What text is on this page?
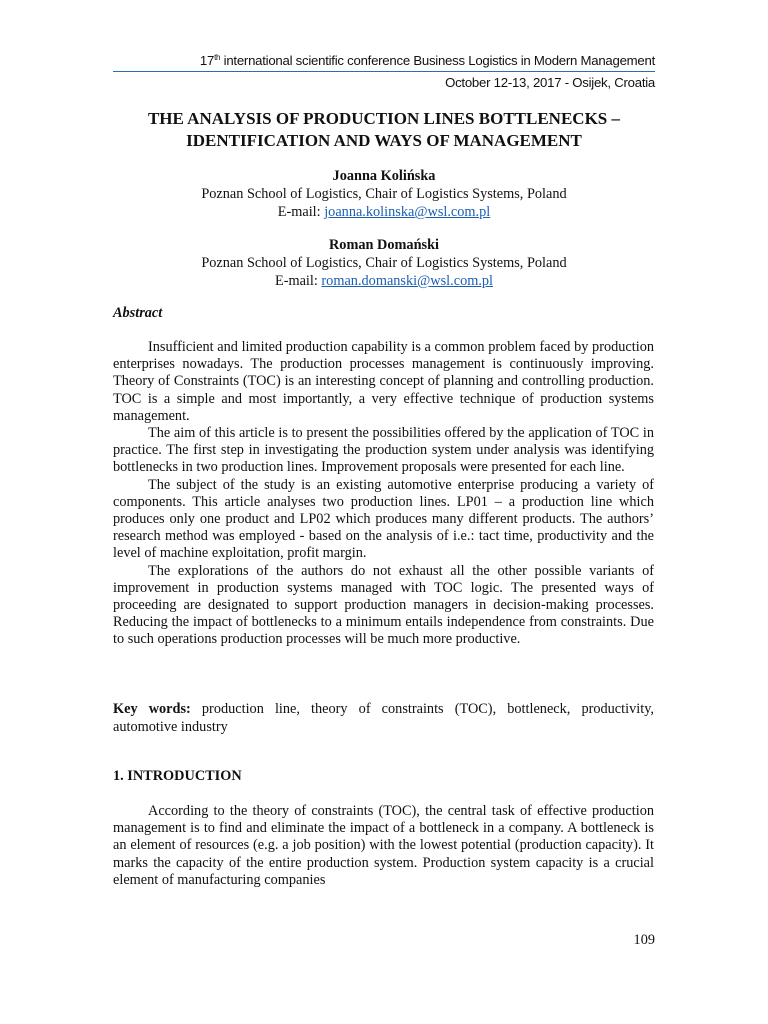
17th international scientific conference Business Logistics in Modern Management
October 12-13, 2017 - Osijek, Croatia
THE ANALYSIS OF PRODUCTION LINES BOTTLENECKS –
IDENTIFICATION AND WAYS OF MANAGEMENT
Joanna Kolińska
Poznan School of Logistics, Chair of Logistics Systems, Poland
E-mail: joanna.kolinska@wsl.com.pl
Roman Domański
Poznan School of Logistics, Chair of Logistics Systems, Poland
E-mail: roman.domanski@wsl.com.pl
Abstract

Insufficient and limited production capability is a common problem faced by production enterprises nowadays. The production processes management is continuously improving. Theory of Constraints (TOC) is an interesting concept of planning and controlling production. TOC is a simple and most importantly, a very effective technique of production systems management.

The aim of this article is to present the possibilities offered by the application of TOC in practice. The first step in investigating the production system under analysis was identifying bottlenecks in two production lines. Improvement proposals were presented for each line.

The subject of the study is an existing automotive enterprise producing a variety of components. This article analyses two production lines. LP01 – a production line which produces only one product and LP02 which produces many different products. The authors’ research method was employed - based on the analysis of i.e.: tact time, productivity and the level of machine exploitation, profit margin.

The explorations of the authors do not exhaust all the other possible variants of improvement in production systems managed with TOC logic. The presented ways of proceeding are designated to support production managers in decision-making processes. Reducing the impact of bottlenecks to a minimum entails independence from constraints. Due to such operations production processes will be much more productive.

Key words: production line, theory of constraints (TOC), bottleneck, productivity, automotive industry
1. INTRODUCTION

According to the theory of constraints (TOC), the central task of effective production management is to find and eliminate the impact of a bottleneck in a company. A bottleneck is an element of resources (e.g. a job position) with the lowest potential (production capacity). It marks the capacity of the entire production system. Production system capacity is a crucial element of manufacturing companies

109
